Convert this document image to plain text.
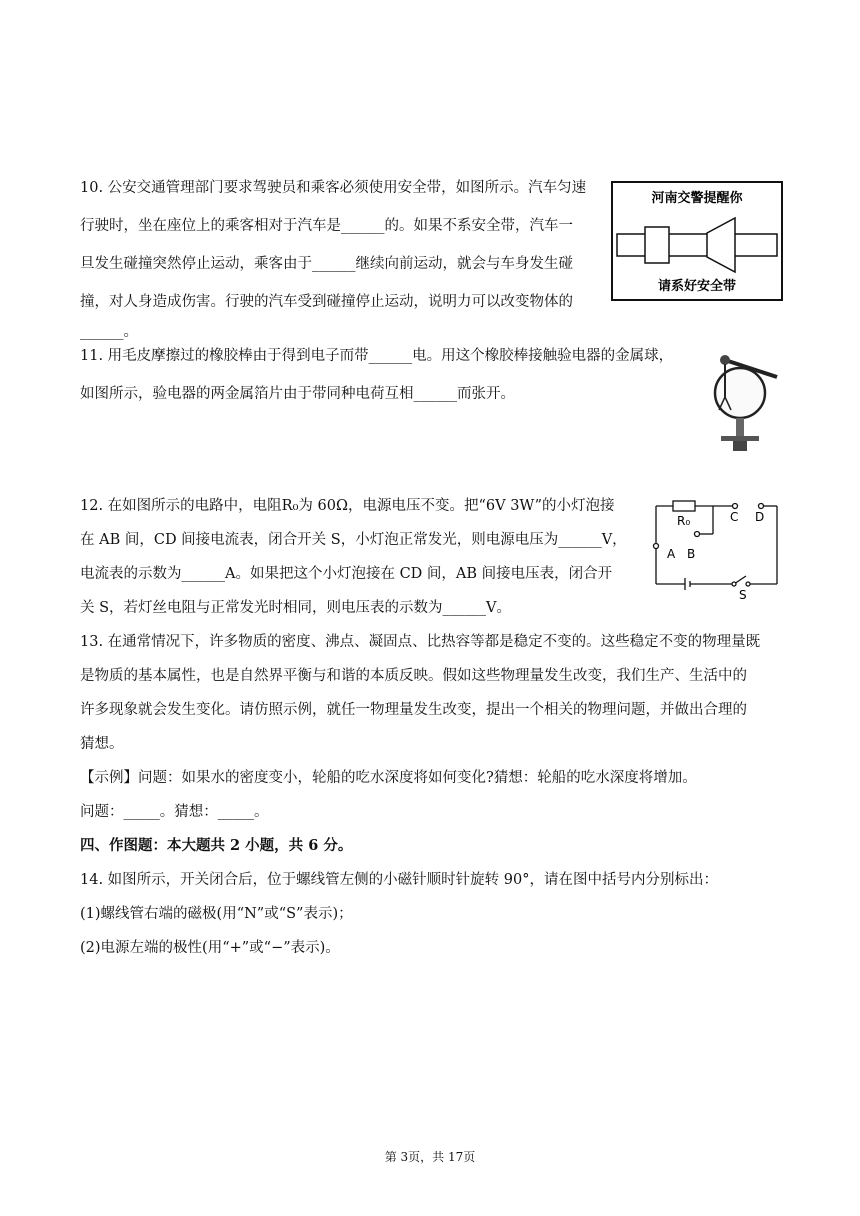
10. 公安交通管理部门要求驾驶员和乘客必须使用安全带，如图所示。汽车匀速
行驶时，坐在座位上的乘客相对于汽车是______的。如果不系安全带，汽车一
旦发生碰撞突然停止运动，乘客由于______继续向前运动，就会与车身发生碰
撞，对人身造成伤害。行驶的汽车受到碰撞停止运动，说明力可以改变物体的
______。
河南交警提醒你
请系好安全带
11. 用毛皮摩擦过的橡胶棒由于得到电子而带______电。用这个橡胶棒接触验电器的金属球，
如图所示，验电器的两金属箔片由于带同种电荷互相______而张开。
12. 在如图所示的电路中，电阻R₀为 60Ω，电源电压不变。把“6V 3W”的小灯泡接
在 AB 间，CD 间接电流表，闭合开关 S，小灯泡正常发光，则电源电压为______V，
电流表的示数为______A。如果把这个小灯泡接在 CD 间，AB 间接电压表，闭合开
关 S，若灯丝电阻与正常发光时相同，则电压表的示数为______V。
R₀	C D
A B
S
13. 在通常情况下，许多物质的密度、沸点、凝固点、比热容等都是稳定不变的。这些稳定不变的物理量既
是物质的基本属性，也是自然界平衡与和谐的本质反映。假如这些物理量发生改变，我们生产、生活中的
许多现象就会发生变化。请仿照示例，就任一物理量发生改变，提出一个相关的物理问题，并做出合理的
猜想。
【示例】问题：如果水的密度变小，轮船的吃水深度将如何变化?猜想：轮船的吃水深度将增加。
问题：_____。猜想：_____。
四、作图题：本大题共 2 小题，共 6 分。
14. 如图所示，开关闭合后，位于螺线管左侧的小磁针顺时针旋转 90°，请在图中括号内分别标出：
(1)螺线管右端的磁极(用“N”或“S”表示)；
(2)电源左端的极性(用“+”或“−”表示)。
第 3页，共 17页
